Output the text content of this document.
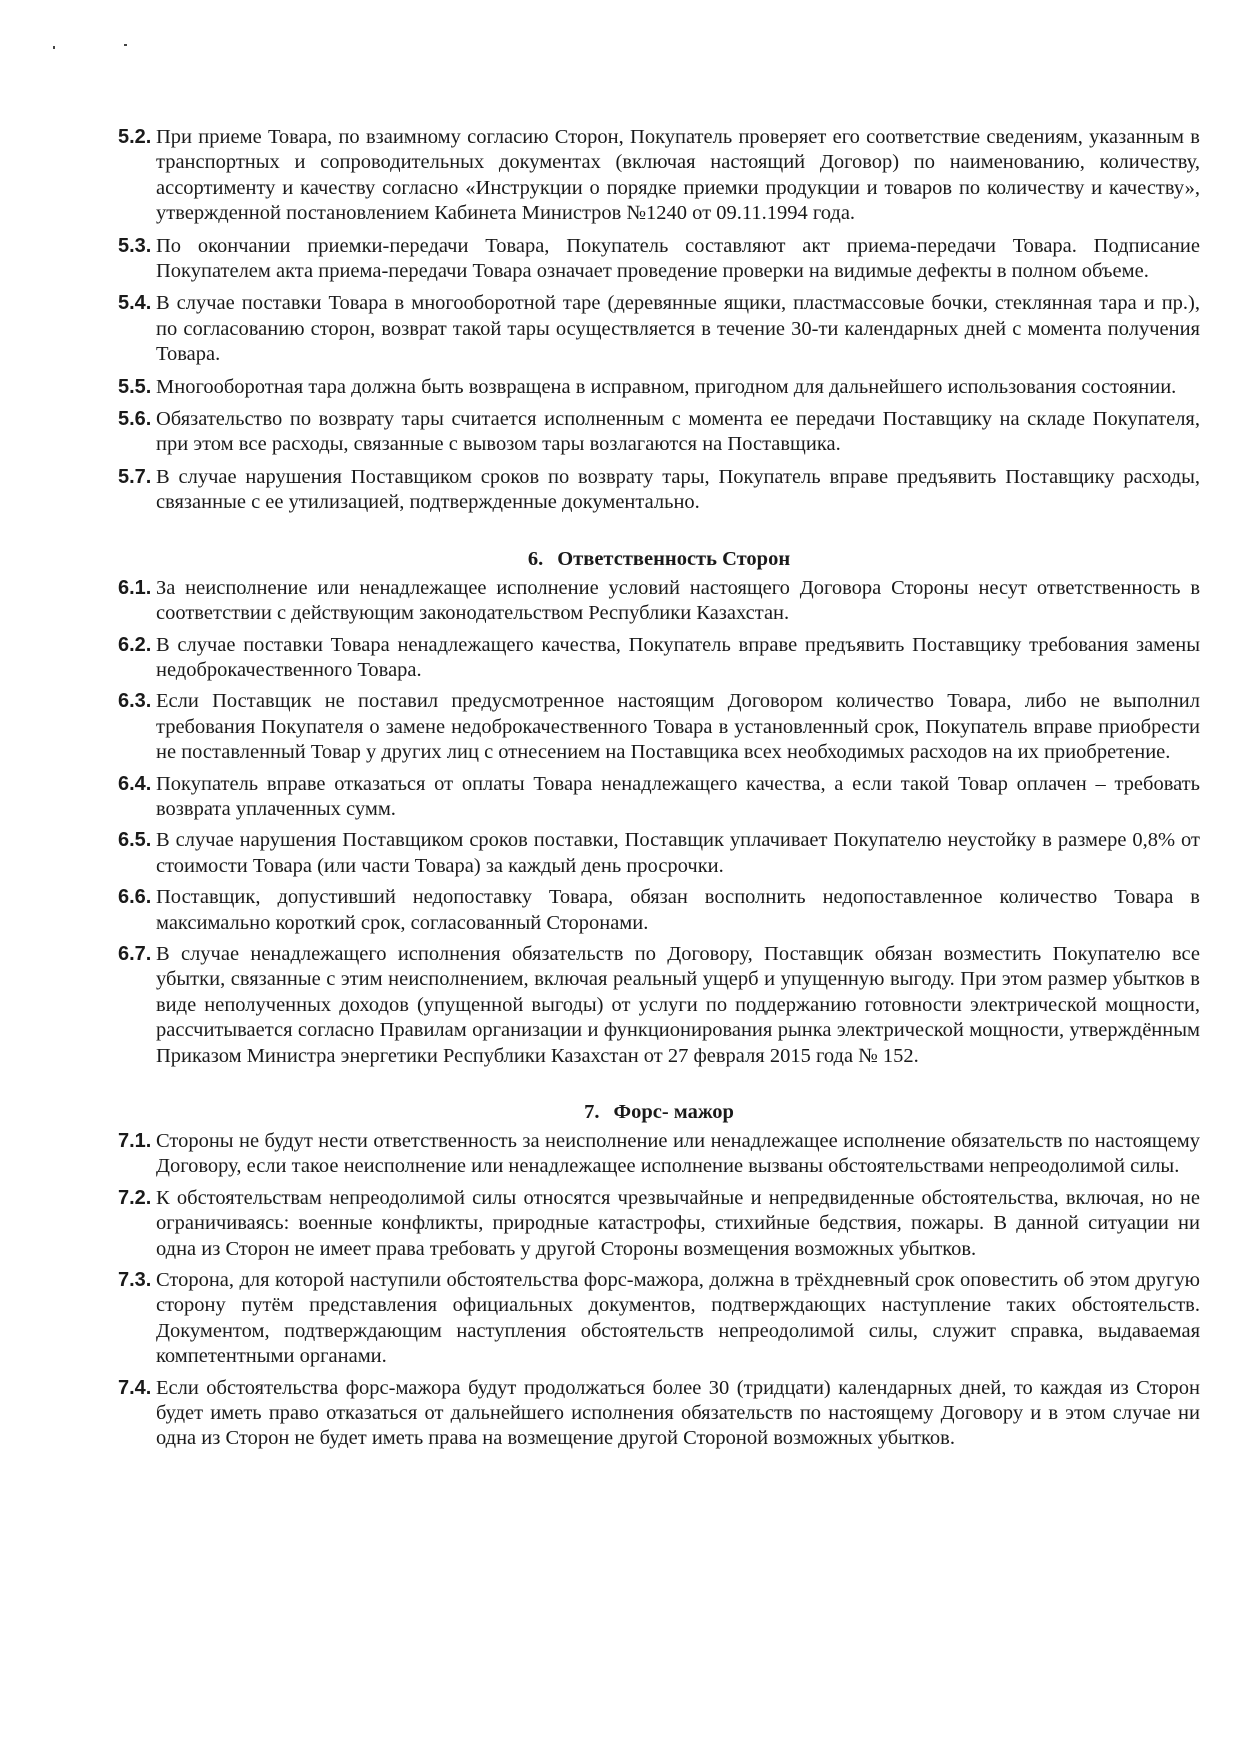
5.2. При приеме Товара, по взаимному согласию Сторон, Покупатель проверяет его соответствие сведениям, указанным в транспортных и сопроводительных документах (включая настоящий Договор) по наименованию, количеству, ассортименту и качеству согласно «Инструкции о порядке приемки продукции и товаров по количеству и качеству», утвержденной постановлением Кабинета Министров №1240 от 09.11.1994 года.

5.3. По окончании приемки-передачи Товара, Покупатель составляют акт приема-передачи Товара. Подписание Покупателем акта приема-передачи Товара означает проведение проверки на видимые дефекты в полном объеме.

5.4. В случае поставки Товара в многооборотной таре (деревянные ящики, пластмассовые бочки, стеклянная тара и пр.), по согласованию сторон, возврат такой тары осуществляется в течение 30-ти календарных дней с момента получения Товара.

5.5. Многооборотная тара должна быть возвращена в исправном, пригодном для дальнейшего использования состоянии.

5.6. Обязательство по возврату тары считается исполненным с момента ее передачи Поставщику на складе Покупателя, при этом все расходы, связанные с вывозом тары возлагаются на Поставщика.

5.7. В случае нарушения Поставщиком сроков по возврату тары, Покупатель вправе предъявить Поставщику расходы, связанные с ее утилизацией, подтвержденные документально.

6. Ответственность Сторон

6.1. За неисполнение или ненадлежащее исполнение условий настоящего Договора Стороны несут ответственность в соответствии с действующим законодательством Республики Казахстан.

6.2. В случае поставки Товара ненадлежащего качества, Покупатель вправе предъявить Поставщику требования замены недоброкачественного Товара.

6.3. Если Поставщик не поставил предусмотренное настоящим Договором количество Товара, либо не выполнил требования Покупателя о замене недоброкачественного Товара в установленный срок, Покупатель вправе приобрести не поставленный Товар у других лиц с отнесением на Поставщика всех необходимых расходов на их приобретение.

6.4. Покупатель вправе отказаться от оплаты Товара ненадлежащего качества, а если такой Товар оплачен – требовать возврата уплаченных сумм.

6.5. В случае нарушения Поставщиком сроков поставки, Поставщик уплачивает Покупателю неустойку в размере 0,8% от стоимости Товара (или части Товара) за каждый день просрочки.

6.6. Поставщик, допустивший недопоставку Товара, обязан восполнить недопоставленное количество Товара в максимально короткий срок, согласованный Сторонами.

6.7. В случае ненадлежащего исполнения обязательств по Договору, Поставщик обязан возместить Покупателю все убытки, связанные с этим неисполнением, включая реальный ущерб и упущенную выгоду. При этом размер убытков в виде неполученных доходов (упущенной выгоды) от услуги по поддержанию готовности электрической мощности, рассчитывается согласно Правилам организации и функционирования рынка электрической мощности, утверждённым Приказом Министра энергетики Республики Казахстан от 27 февраля 2015 года № 152.

7. Форс- мажор

7.1. Стороны не будут нести ответственность за неисполнение или ненадлежащее исполнение обязательств по настоящему Договору, если такое неисполнение или ненадлежащее исполнение вызваны обстоятельствами непреодолимой силы.

7.2. К обстоятельствам непреодолимой силы относятся чрезвычайные и непредвиденные обстоятельства, включая, но не ограничиваясь: военные конфликты, природные катастрофы, стихийные бедствия, пожары. В данной ситуации ни одна из Сторон не имеет права требовать у другой Стороны возмещения возможных убытков.

7.3. Сторона, для которой наступили обстоятельства форс-мажора, должна в трёхдневный срок оповестить об этом другую сторону путём представления официальных документов, подтверждающих наступление таких обстоятельств. Документом, подтверждающим наступления обстоятельств непреодолимой силы, служит справка, выдаваемая компетентными органами.

7.4. Если обстоятельства форс-мажора будут продолжаться более 30 (тридцати) календарных дней, то каждая из Сторон будет иметь право отказаться от дальнейшего исполнения обязательств по настоящему Договору и в этом случае ни одна из Сторон не будет иметь права на возмещение другой Стороной возможных убытков.
